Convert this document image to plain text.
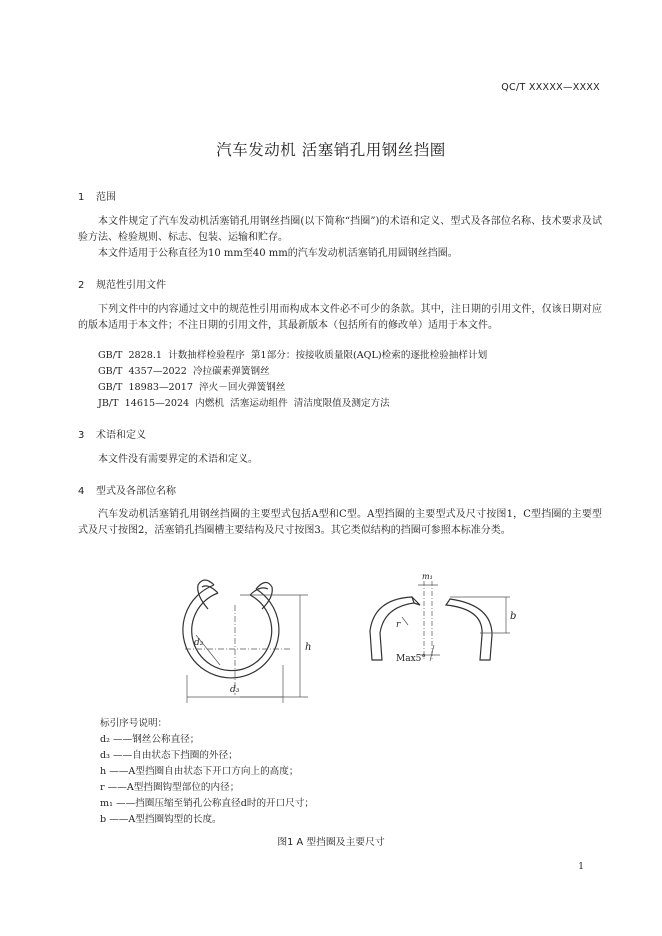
QC/T XXXXX—XXXX
汽车发动机 活塞销孔用钢丝挡圈
1 范围
本文件规定了汽车发动机活塞销孔用钢丝挡圈(以下简称“挡圈”)的术语和定义、型式及各部位名称、技术要求及试验方法、检验规则、标志、包装、运输和贮存。
本文件适用于公称直径为10 mm至40 mm的汽车发动机活塞销孔用圆钢丝挡圈。
2 规范性引用文件
下列文件中的内容通过文中的规范性引用而构成本文件必不可少的条款。其中，注日期的引用文件，仅该日期对应的版本适用于本文件；不注日期的引用文件，其最新版本（包括所有的修改单）适用于本文件。
GB/T  2828.1  计数抽样检验程序  第1部分：按接收质量限(AQL)检索的逐批检验抽样计划
GB/T  4357—2022  冷拉碳素弹簧钢丝
GB/T  18983—2017  淬火－回火弹簧钢丝
JB/T  14615—2024  内燃机  活塞运动组件  清洁度限值及测定方法
3 术语和定义
本文件没有需要界定的术语和定义。
4 型式及各部位名称
汽车发动机活塞销孔用钢丝挡圈的主要型式包括A型和C型。A型挡圈的主要型式及尺寸按图1，C型挡圈的主要型式及尺寸按图2，活塞销孔挡圈槽主要结构及尺寸按图3。其它类似结构的挡圈可参照本标准分类。
h
d₂
d₃
m₁
b
r
Max5°
标引序号说明：
d₂ ——钢丝公称直径；
d₃ ——自由状态下挡圈的外径；
h ——A型挡圈自由状态下开口方向上的高度；
r ——A型挡圈钩型部位的内径；
m₁ ——挡圈压缩至销孔公称直径d时的开口尺寸；
b ——A型挡圈钩型的长度。
图1 A 型挡圈及主要尺寸
1
